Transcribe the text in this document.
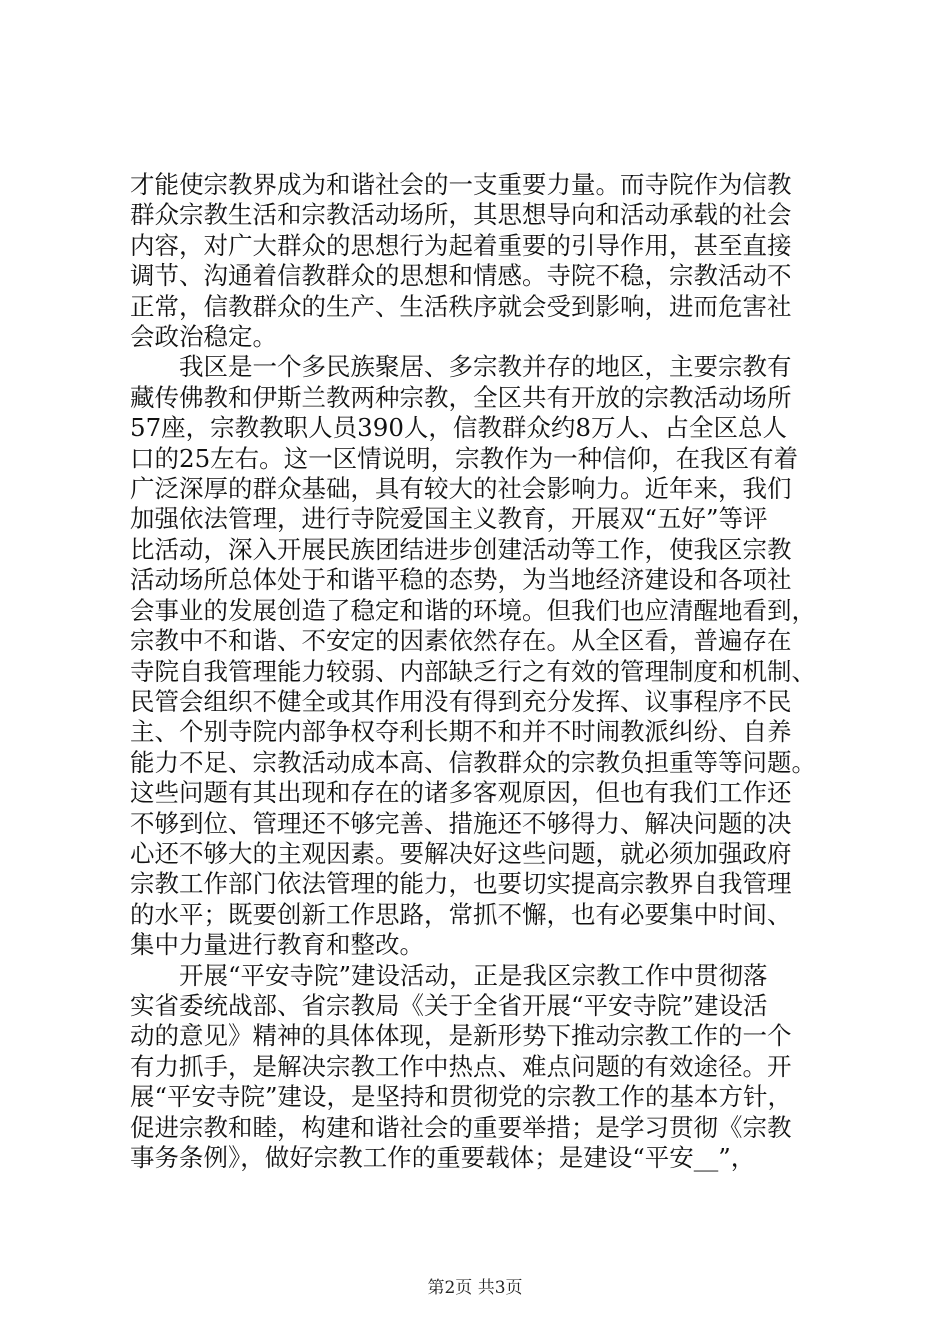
才能使宗教界成为和谐社会的一支重要力量。而寺院作为信教

群众宗教生活和宗教活动场所，其思想导向和活动承载的社会

内容，对广大群众的思想行为起着重要的引导作用，甚至直接

调节、沟通着信教群众的思想和情感。寺院不稳，宗教活动不

正常，信教群众的生产、生活秩序就会受到影响，进而危害社

会政治稳定。

我区是一个多民族聚居、多宗教并存的地区，主要宗教有

藏传佛教和伊斯兰教两种宗教，全区共有开放的宗教活动场所

57座，宗教教职人员390人，信教群众约8万人、占全区总人

口的25左右。这一区情说明，宗教作为一种信仰，在我区有着

广泛深厚的群众基础，具有较大的社会影响力。近年来，我们

加强依法管理，进行寺院爱国主义教育，开展双“五好”等评

比活动，深入开展民族团结进步创建活动等工作，使我区宗教

活动场所总体处于和谐平稳的态势，为当地经济建设和各项社

会事业的发展创造了稳定和谐的环境。但我们也应清醒地看到，

宗教中不和谐、不安定的因素依然存在。从全区看，普遍存在

寺院自我管理能力较弱、内部缺乏行之有效的管理制度和机制、

民管会组织不健全或其作用没有得到充分发挥、议事程序不民

主、个别寺院内部争权夺利长期不和并不时闹教派纠纷、自养

能力不足、宗教活动成本高、信教群众的宗教负担重等等问题。

这些问题有其出现和存在的诸多客观原因，但也有我们工作还

不够到位、管理还不够完善、措施还不够得力、解决问题的决

心还不够大的主观因素。要解决好这些问题，就必须加强政府

宗教工作部门依法管理的能力，也要切实提高宗教界自我管理

的水平；既要创新工作思路，常抓不懈，也有必要集中时间、

集中力量进行教育和整改。

开展“平安寺院”建设活动，正是我区宗教工作中贯彻落

实省委统战部、省宗教局《关于全省开展“平安寺院”建设活

动的意见》精神的具体体现，是新形势下推动宗教工作的一个

有力抓手，是解决宗教工作中热点、难点问题的有效途径。开

展“平安寺院”建设，是坚持和贯彻党的宗教工作的基本方针，

促进宗教和睦，构建和谐社会的重要举措；是学习贯彻《宗教

事务条例》，做好宗教工作的重要载体；是建设“平安__”，

第2页 共3页
